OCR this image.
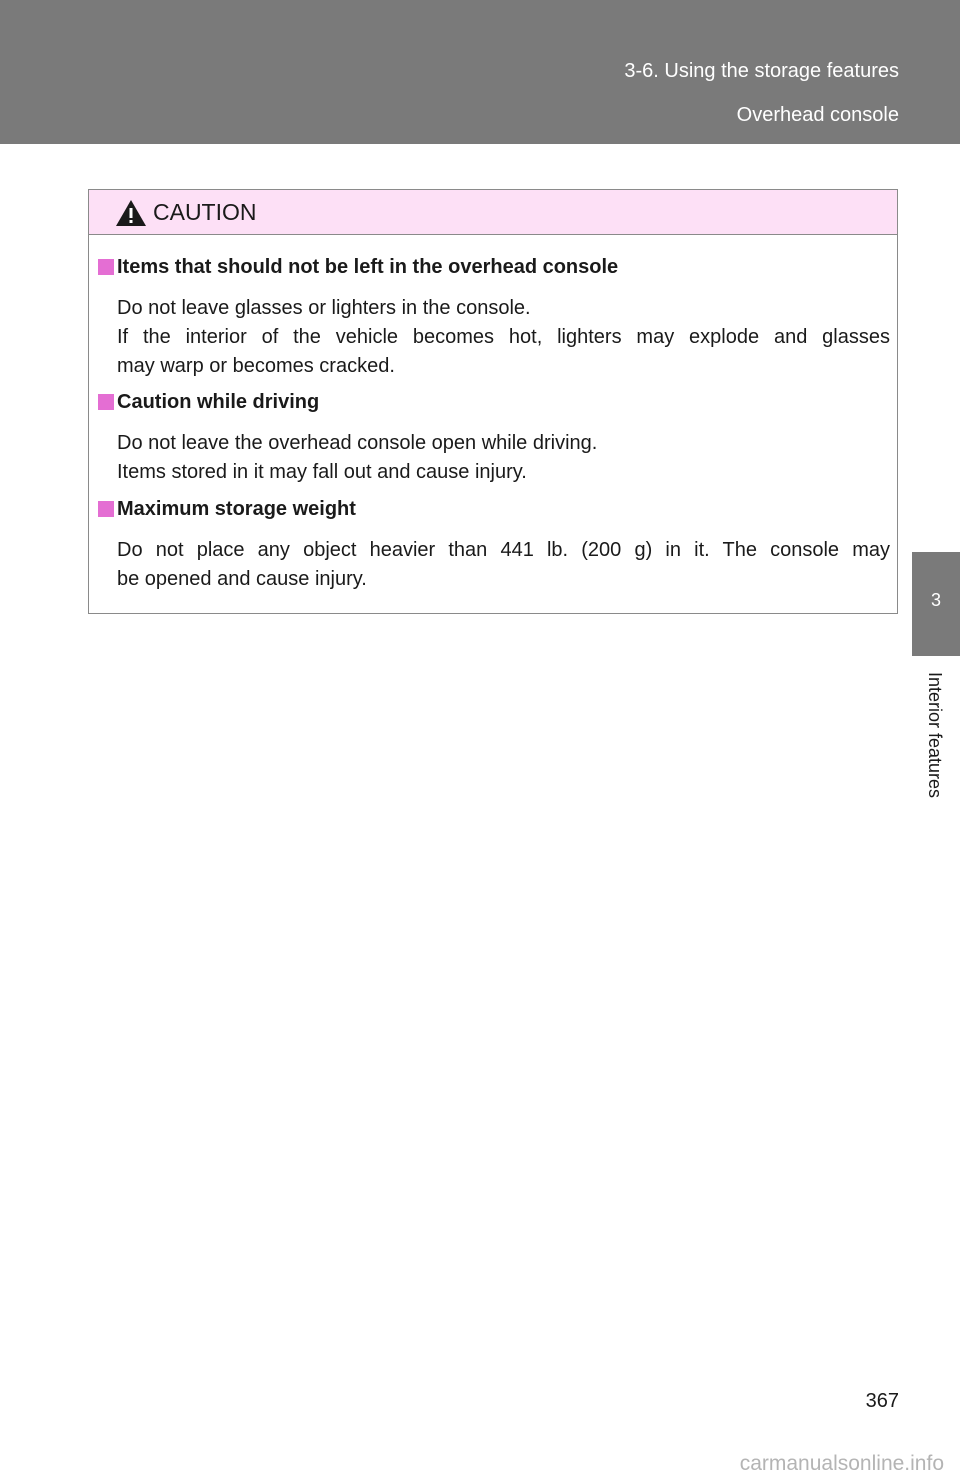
3-6. Using the storage features
Overhead console
3
Interior features
CAUTION
Items that should not be left in the overhead console
Do not leave glasses or lighters in the console.
If the interior of the vehicle becomes hot, lighters may explode and glasses
may warp or becomes cracked.
Caution while driving
Do not leave the overhead console open while driving.
Items stored in it may fall out and cause injury.
Maximum storage weight
Do not place any object heavier than 441 lb. (200 g) in it. The console may
be opened and cause injury.
367
carmanualsonline.info
